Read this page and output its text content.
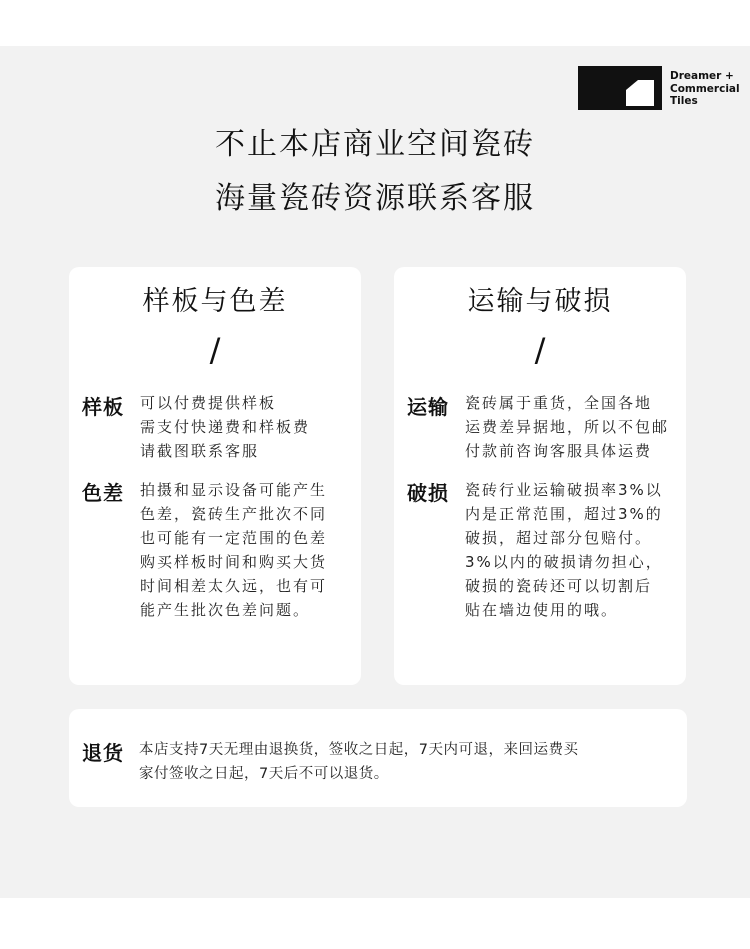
Dreamer +
Commercial
Tiles
不止本店商业空间瓷砖
海量瓷砖资源联系客服
样板与色差
/
样板 可以付费提供样板
需支付快递费和样板费
请截图联系客服
色差 拍摄和显示设备可能产生
色差，瓷砖生产批次不同
也可能有一定范围的色差
购买样板时间和购买大货
时间相差太久远，也有可
能产生批次色差问题。
运输与破损
/
运输 瓷砖属于重货，全国各地
运费差异据地，所以不包邮
付款前咨询客服具体运费
破损 瓷砖行业运输破损率3%以
内是正常范围，超过3%的
破损，超过部分包赔付。
3%以内的破损请勿担心，
破损的瓷砖还可以切割后
贴在墙边使用的哦。
退货 本店支持7天无理由退换货，签收之日起，7天内可退，来回运费买
家付签收之日起，7天后不可以退货。
